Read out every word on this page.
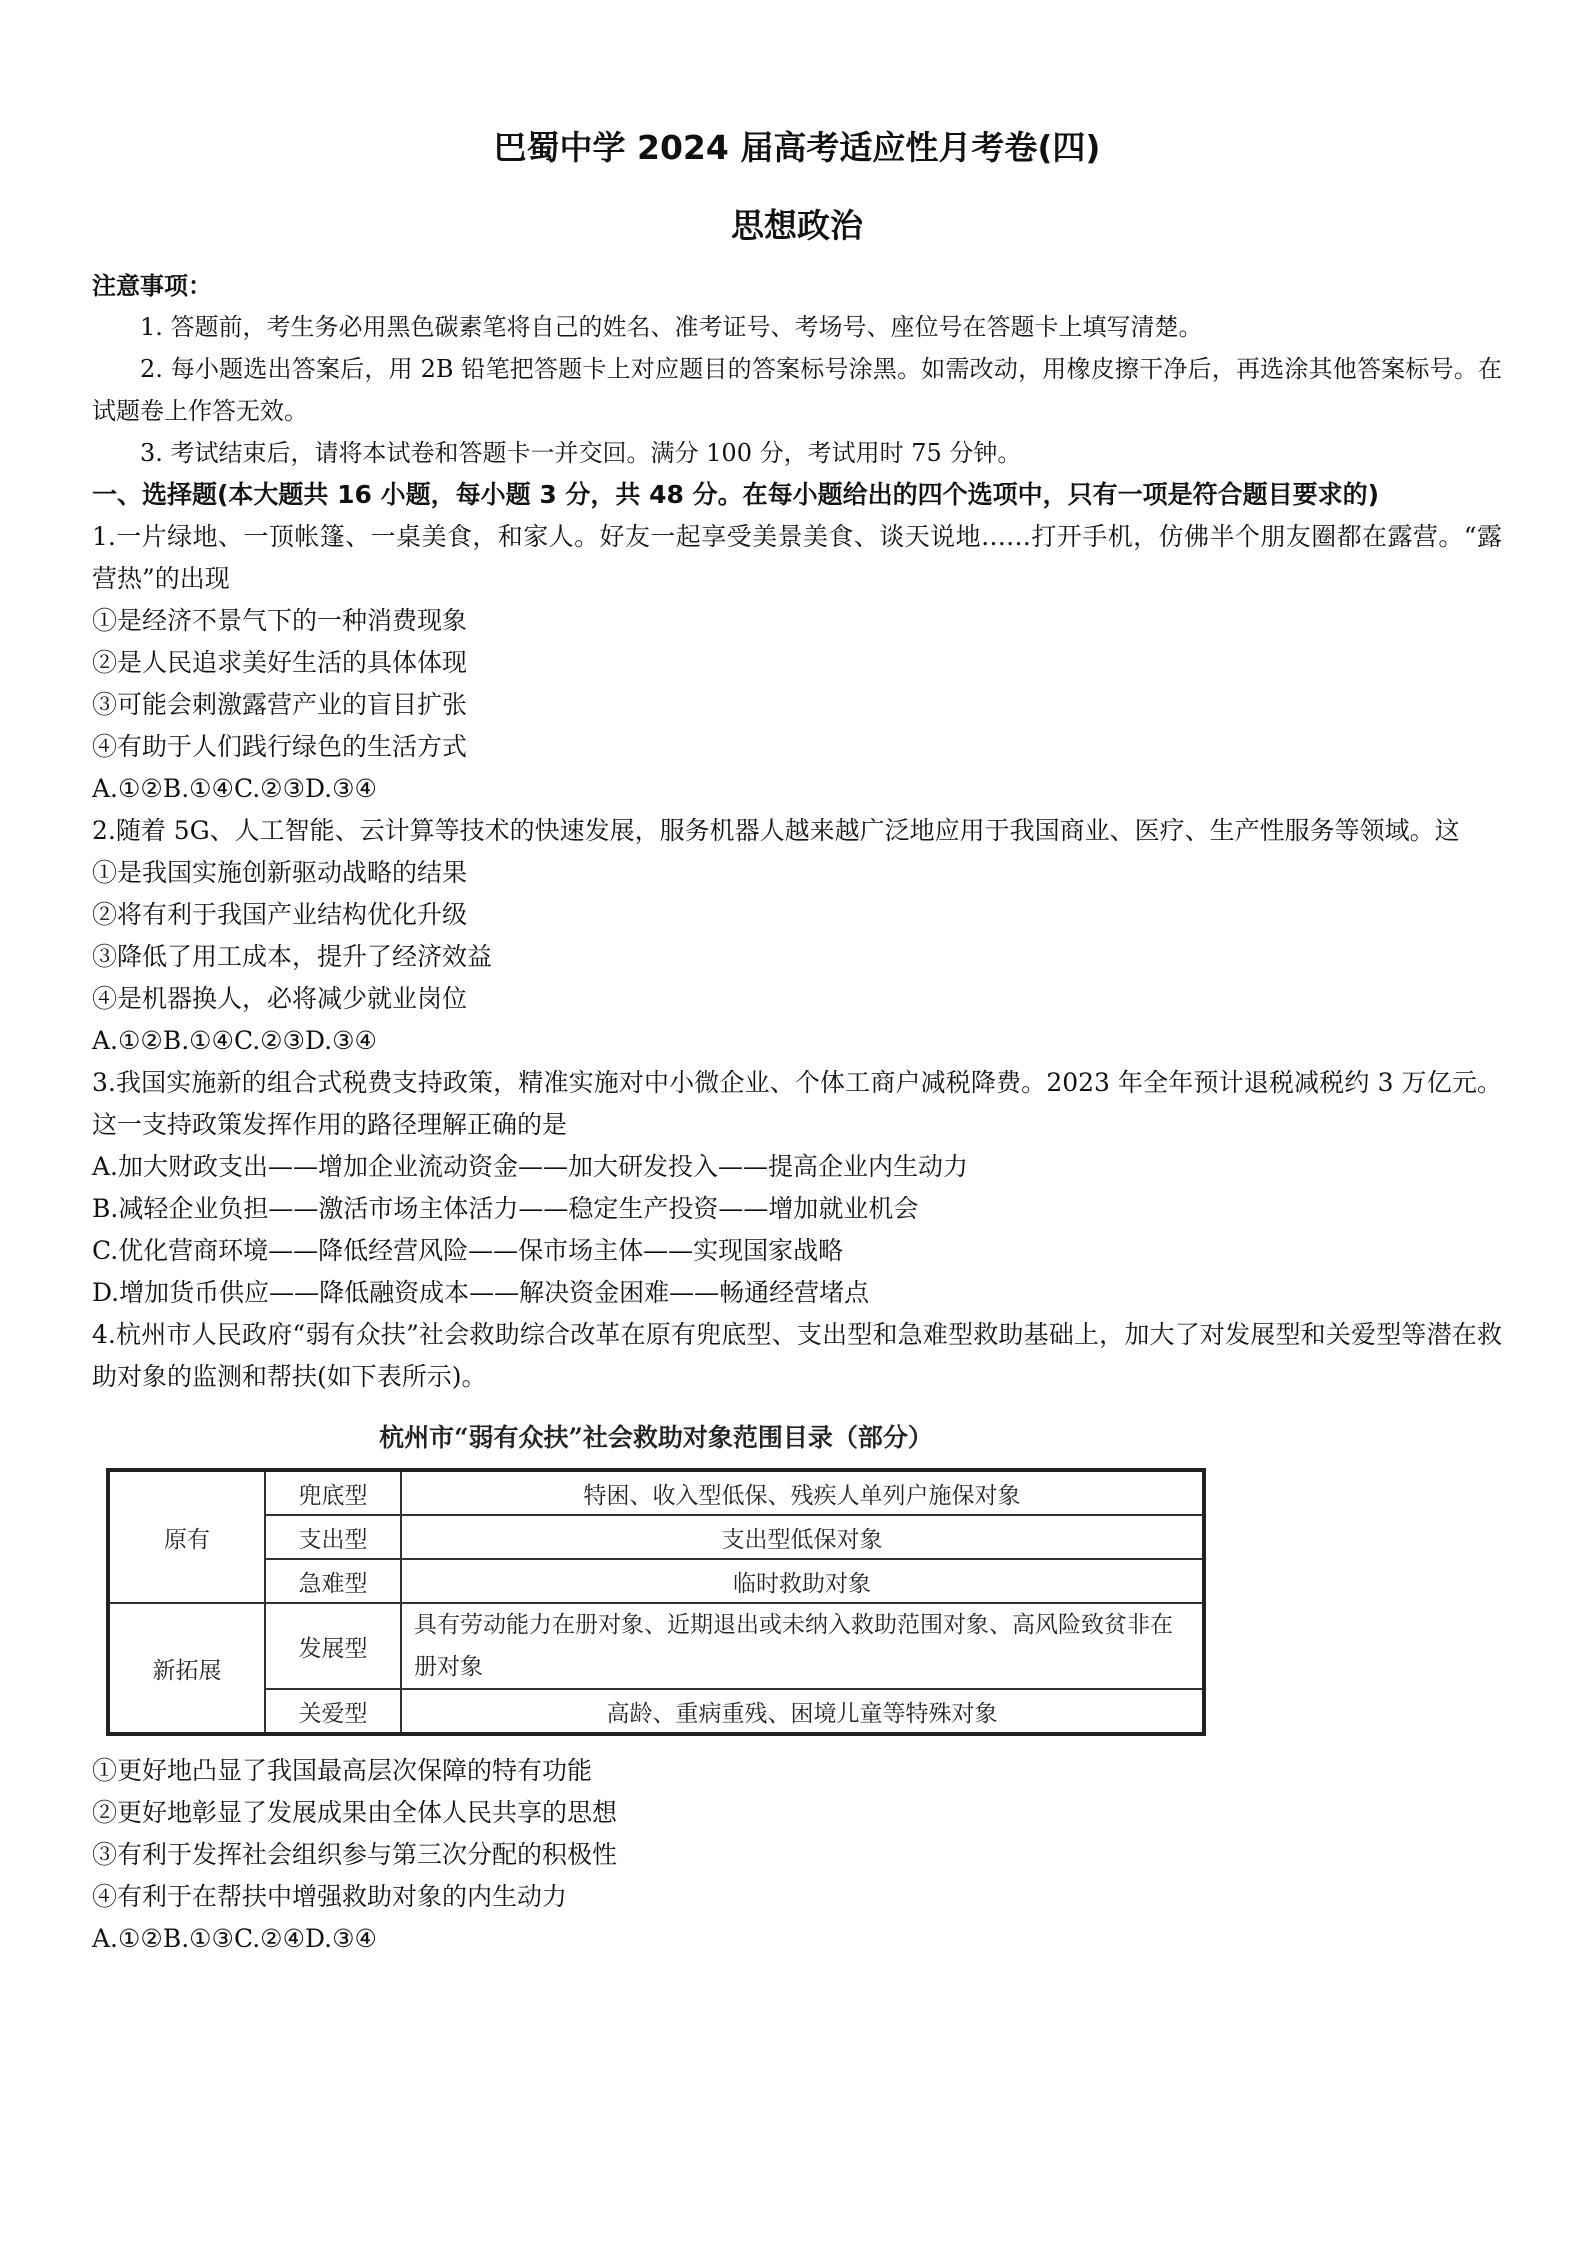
巴蜀中学 2024 届高考适应性月考卷(四)
思想政治
注意事项：

1. 答题前，考生务必用黑色碳素笔将自己的姓名、准考证号、考场号、座位号在答题卡上填写清楚。

2. 每小题选出答案后，用 2B 铅笔把答题卡上对应题目的答案标号涂黑。如需改动，用橡皮擦干净后，再选涂其他答案标号。在试题卷上作答无效。

3. 考试结束后，请将本试卷和答题卡一并交回。满分 100 分，考试用时 75 分钟。

一、选择题(本大题共 16 小题，每小题 3 分，共 48 分。在每小题给出的四个选项中，只有一项是符合题目要求的)

1.一片绿地、一顶帐篷、一桌美食，和家人。好友一起享受美景美食、谈天说地……打开手机，仿佛半个朋友圈都在露营。“露营热”的出现

①是经济不景气下的一种消费现象

②是人民追求美好生活的具体体现

③可能会刺激露营产业的盲目扩张

④有助于人们践行绿色的生活方式

A.①②B.①④C.②③D.③④

2.随着 5G、人工智能、云计算等技术的快速发展，服务机器人越来越广泛地应用于我国商业、医疗、生产性服务等领域。这

①是我国实施创新驱动战略的结果

②将有利于我国产业结构优化升级

③降低了用工成本，提升了经济效益

④是机器换人，必将减少就业岗位

A.①②B.①④C.②③D.③④

3.我国实施新的组合式税费支持政策，精准实施对中小微企业、个体工商户减税降费。2023 年全年预计退税减税约 3 万亿元。这一支持政策发挥作用的路径理解正确的是

A.加大财政支出——增加企业流动资金——加大研发投入——提高企业内生动力

B.减轻企业负担——激活市场主体活力——稳定生产投资——增加就业机会

C.优化营商环境——降低经营风险——保市场主体——实现国家战略

D.增加货币供应——降低融资成本——解决资金困难——畅通经营堵点

4.杭州市人民政府“弱有众扶”社会救助综合改革在原有兜底型、支出型和急难型救助基础上，加大了对发展型和关爱型等潜在救助对象的监测和帮扶(如下表所示)。

杭州市“弱有众扶”社会救助对象范围目录（部分）
原有	兜底型	特困、收入型低保、残疾人单列户施保对象
	支出型	支出型低保对象
	急难型	临时救助对象
新拓展	发展型	具有劳动能力在册对象、近期退出或未纳入救助范围对象、高风险致贫非在册对象
	关爱型	高龄、重病重残、困境儿童等特殊对象

①更好地凸显了我国最高层次保障的特有功能

②更好地彰显了发展成果由全体人民共享的思想

③有利于发挥社会组织参与第三次分配的积极性

④有利于在帮扶中增强救助对象的内生动力

A.①②B.①③C.②④D.③④
